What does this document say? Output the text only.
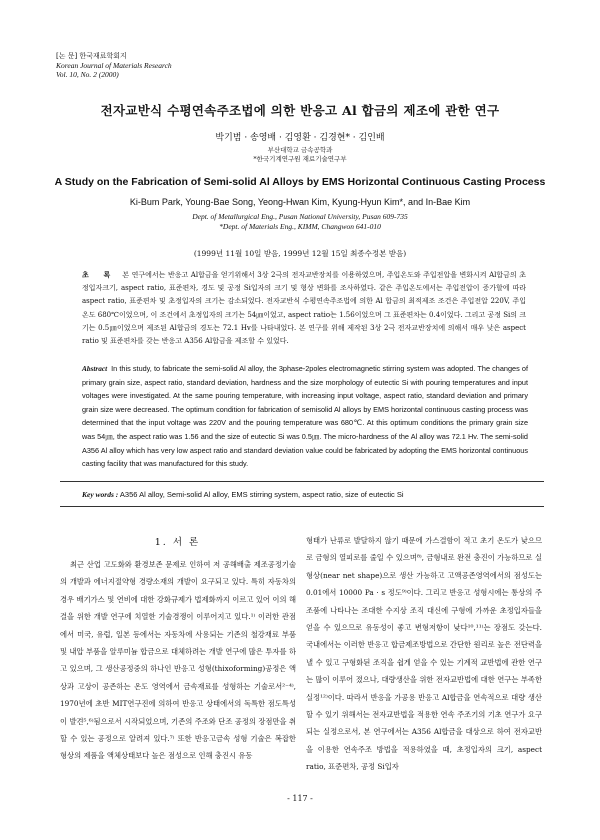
[논 문] 한국재료학회지
Korean Journal of Materials Research
Vol. 10, No. 2 (2000)
전자교반식 수평연속주조법에 의한 반응고 Al 합금의 제조에 관한 연구
박기범 · 송영배 · 김영환 · 김경현* · 김인배
부산대학교 금속공학과
*한국기계연구원 재료기술연구부
A Study on the Fabrication of Semi-solid Al Alloys by EMS Horizontal Continuous Casting Process
Ki-Bum Park, Young-Bae Song, Yeong-Hwan Kim, Kyung-Hyun Kim*, and In-Bae Kim
Dept. of Metallurgical Eng., Pusan National University, Pusan 609-735
*Dept. of Materials Eng., KIMM, Changwon 641-010
(1999년 11월 10일 받음, 1999년 12월 15일 최종수정본 받음)
초 록 본 연구에서는 반응고 Al합금을 얻기위해서 3상 2극의 전자교반장치를 이용하였으며, 주입온도와 주입전압을 변화시켜 Al합금의 초정입자크기, aspect ratio, 표준편차, 경도 및 공정 Si입자의 크기 및 형상 변화를 조사하였다. 같은 주입온도에서는 주입전압이 증가할에 따라 aspect ratio, 표준편차 및 초정입자의 크기는 감소되었다. 전자교반식 수평연속주조법에 의한 Al 합금의 최적제조 조건은 주입전압 220V, 주입온도 680℃이었으며, 이 조건에서 초정입자의 크기는 54㎛이었고, aspect ratio는 1.56이었으며 그 표준편차는 0.4이었다. 그리고 공정 Si의 크기는 0.5㎛이었으며 제조된 Al합금의 경도는 72.1 Hv를 나타내었다. 본 연구를 위해 제작된 3상 2극 전자교반장치에 의해서 매우 낮은 aspect ratio 및 표준편차를 갖는 반응고 A356 Al합금을 제조할 수 있었다.
Abstract In this study, to fabricate the semi-solid Al alloy, the 3phase-2poles electromagnetic stirring system was adopted. The changes of primary grain size, aspect ratio, standard deviation, hardness and the size morphology of eutectic Si with pouring temperatures and input voltages were investigated. At the same pouring temperature, with increasing input voltage, aspect ratio, standard deviation and primary grain size were decreased. The optimum condition for fabrication of semisolid Al alloys by EMS horizontal continuous casting process was determined that the input voltage was 220V and the pouring temperature was 680℃. At this optimum conditions the primary grain size was 54㎛, the aspect ratio was 1.56 and the size of eutectic Si was 0.5㎛. The micro-hardness of the Al alloy was 72.1 Hv. The semi-solid A356 Al alloy which has very low aspect ratio and standard deviation value could be fabricated by adopting the EMS horizontal continuous casting facility that was manufactured for this study.
Key words : A356 Al alloy, Semi-solid Al alloy, EMS stirring system, aspect ratio, size of eutectic Si
1. 서 론

최근 산업 고도화와 환경보존 문제로 인하여 저 공해배출 제조공정기술의 개발과 에너지절약형 경량소재의 개발이 요구되고 있다. 특히 자동차의 경우 배기가스 및 연비에 대한 강화규제가 법제화까지 이르고 있어 이의 해결을 위한 개발 연구에 치열한 기술경쟁이 이루어지고 있다.¹⁾ 이러한 관점에서 미국, 유럽, 일본 등에서는 자동차에 사용되는 기존의 철강재료 부품 및 내압 부품을 알루미늄 합금으로 대체하려는 개발 연구에 많은 투자를 하고 있으며, 그 생산공정중의 하나인 반응고 성형(thixoforming)공정은 액상과 고상이 공존하는 온도 영역에서 금속재료를 성형하는 기술로서²⁻⁴⁾, 1970년에 초반 MIT연구진에 의하여 반응고 상태에서의 독특한 점도특성이 발견⁵,⁶⁾됨으로서 시작되었으며, 기존의 주조와 단조 공정의 장점만을 취할 수 있는 공정으로 알려져 있다.⁷⁾ 또한 반응고금속 성형 기술은 복잡한 형상의 제품을 액체상태보다 높은 점성으로 인해 충진시 유동

형태가 난류로 발달하지 않기 때문에 가스결함이 적고 초기 온도가 낮으므로 금형의 열피로를 줄일 수 있으며⁸⁾, 금형내로 완전 충진이 가능하므로 실형상(near net shape)으로 생산 가능하고 고액공존영역에서의 점성도는 0.01에서 10000 Pa · s 정도⁹⁾이다. 그리고 반응고 성형시에는 통상의 주조품에 나타나는 조대한 수지상 조직 대신에 구형에 가까운 초정입자들을 얻을 수 있으므로 유동성이 좋고 변형저항이 낮다¹⁰,¹¹⁾는 장점도 갖는다. 국내에서는 이러한 반응고 합금제조방법으로 간단한 원리로 높은 전단력을 낼 수 있고 구형화된 조직을 쉽게 얻을 수 있는 기계적 교반법에 관한 연구는 많이 이루어 졌으나, 대량생산을 위한 전자교반법에 대한 연구는 부족한 실정¹²⁾이다. 따라서 반응을 가공용 반응고 Al합금을 연속적으로 대량 생산할 수 있기 위해서는 전자교반법을 적용한 연속 주조기의 기초 연구가 요구되는 실정으로서, 본 연구에서는 A356 Al합금을 대상으로 하여 전자교반을 이용한 연속주조 방법을 적용하였을 때, 초정입자의 크기, aspect ratio, 표준편차, 공정 Si입자

- 117 -
